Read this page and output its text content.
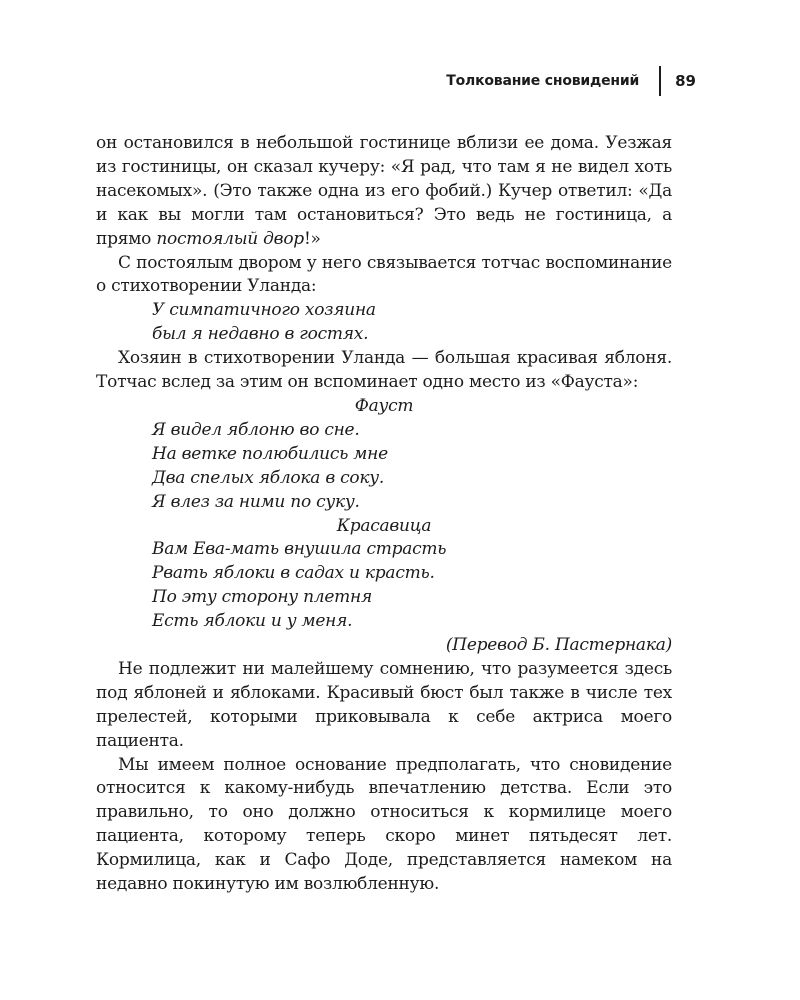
Толкование сновидений 89

он остановился в небольшой гостинице вблизи ее дома. Уезжая из гостиницы, он сказал кучеру: «Я рад, что там я не видел хоть насекомых». (Это также одна из его фобий.) Кучер ответил: «Да и как вы могли там остановиться? Это ведь не гостиница, а прямо постоялый двор!»

С постоялым двором у него связывается тотчас воспоминание о стихотворении Уланда:

У симпатичного хозяина
был я недавно в гостях.

Хозяин в стихотворении Уланда — большая красивая яблоня. Тотчас вслед за этим он вспоминает одно место из «Фауста»:

Фауст
Я видел яблоню во сне.
На ветке полюбились мне
Два спелых яблока в соку.
Я влез за ними по суку.
Красавица
Вам Ева-мать внушила страсть
Рвать яблоки в садах и красть.
По эту сторону плетня
Есть яблоки и у меня.
(Перевод Б. Пастернака)

Не подлежит ни малейшему сомнению, что разумеется здесь под яблоней и яблоками. Красивый бюст был также в числе тех прелестей, которыми приковывала к себе актриса моего пациента.

Мы имеем полное основание предполагать, что сновидение относится к какому-нибудь впечатлению детства. Если это правильно, то оно должно относиться к кормилице моего пациента, которому теперь скоро минет пятьдесят лет. Кормилица, как и Сафо Доде, представляется намеком на недавно покинутую им возлюбленную.
